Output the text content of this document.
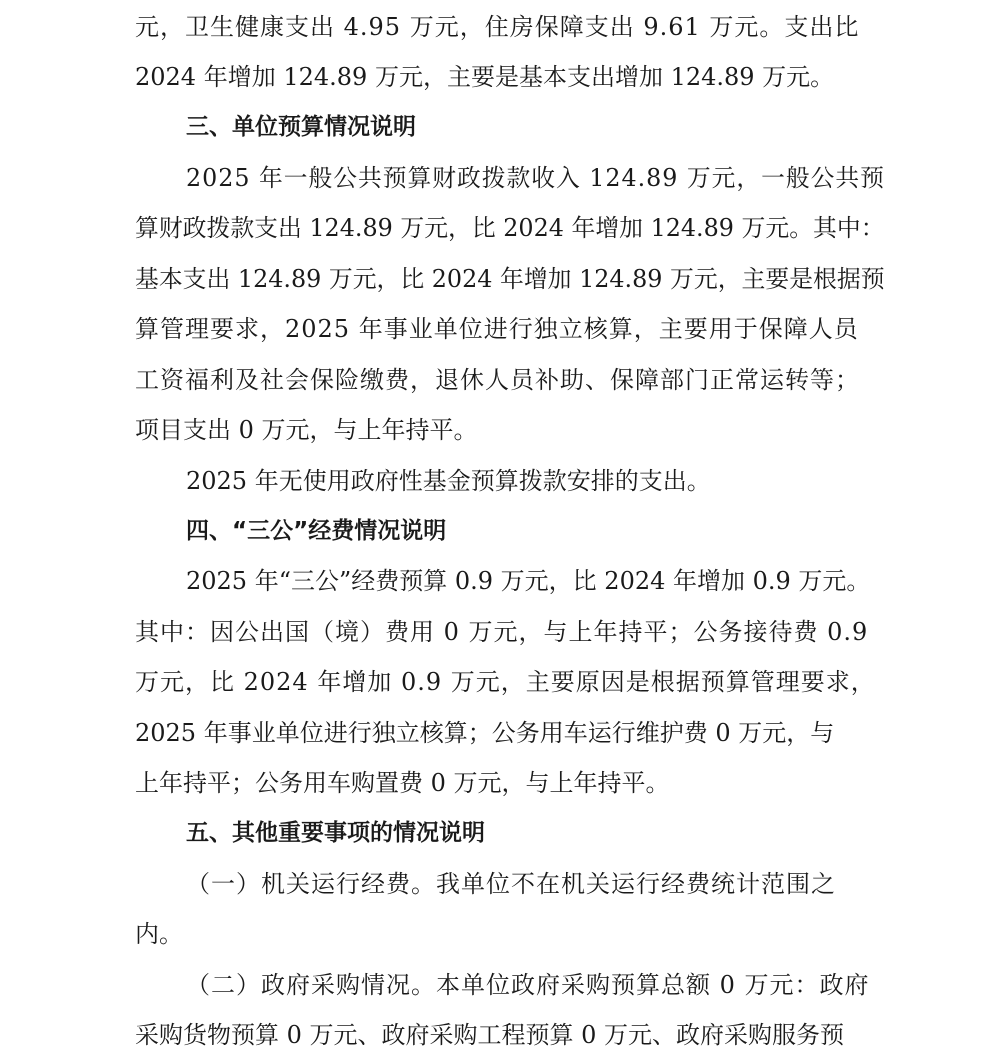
元，卫生健康支出 4.95 万元，住房保障支出 9.61 万元。支出比
2024 年增加 124.89 万元，主要是基本支出增加 124.89 万元。
三、单位预算情况说明
2025 年一般公共预算财政拨款收入 124.89 万元，一般公共预
算财政拨款支出 124.89 万元，比 2024 年增加 124.89 万元。其中：
基本支出 124.89 万元，比 2024 年增加 124.89 万元，主要是根据预
算管理要求，2025 年事业单位进行独立核算，主要用于保障人员
工资福利及社会保险缴费，退休人员补助、保障部门正常运转等；
项目支出 0 万元，与上年持平。
2025 年无使用政府性基金预算拨款安排的支出。
四、“三公”经费情况说明
2025 年“三公”经费预算 0.9 万元，比 2024 年增加 0.9 万元。
其中：因公出国（境）费用 0 万元，与上年持平；公务接待费 0.9
万元，比 2024 年增加 0.9 万元，主要原因是根据预算管理要求，
2025 年事业单位进行独立核算；公务用车运行维护费 0 万元，与
上年持平；公务用车购置费 0 万元，与上年持平。
五、其他重要事项的情况说明
（一）机关运行经费。我单位不在机关运行经费统计范围之
内。
（二）政府采购情况。本单位政府采购预算总额 0 万元：政府
采购货物预算 0 万元、政府采购工程预算 0 万元、政府采购服务预
